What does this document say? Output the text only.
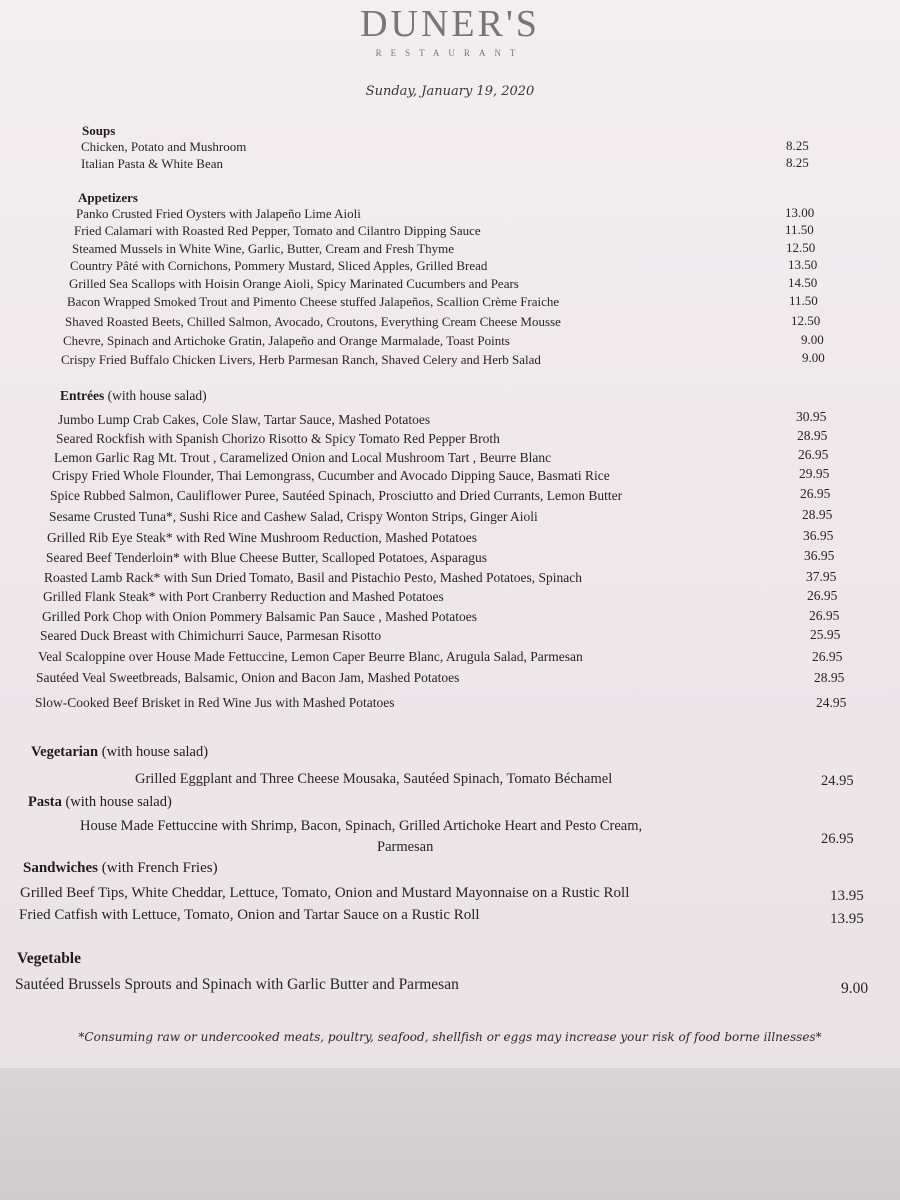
DUNER'S
RESTAURANT
Sunday, January 19, 2020
Soups
Chicken, Potato and Mushroom	8.25
Italian Pasta & White Bean	8.25
Appetizers
Panko Crusted Fried Oysters with Jalapeño Lime Aioli	13.00
Fried Calamari with Roasted Red Pepper, Tomato and Cilantro Dipping Sauce	11.50
Steamed Mussels in White Wine, Garlic, Butter, Cream and Fresh Thyme	12.50
Country Pâté with Cornichons, Pommery Mustard, Sliced Apples, Grilled Bread	13.50
Grilled Sea Scallops with Hoisin Orange Aioli, Spicy Marinated Cucumbers and Pears	14.50
Bacon Wrapped Smoked Trout and Pimento Cheese stuffed Jalapeños, Scallion Crème Fraiche	11.50
Shaved Roasted Beets, Chilled Salmon, Avocado, Croutons, Everything Cream Cheese Mousse	12.50
Chevre, Spinach and Artichoke Gratin, Jalapeño and Orange Marmalade, Toast Points	9.00
Crispy Fried Buffalo Chicken Livers, Herb Parmesan Ranch, Shaved Celery and Herb Salad	9.00
Entrées (with house salad)
Jumbo Lump Crab Cakes, Cole Slaw, Tartar Sauce, Mashed Potatoes	30.95
Seared Rockfish with Spanish Chorizo Risotto & Spicy Tomato Red Pepper Broth	28.95
Lemon Garlic Rag Mt. Trout , Caramelized Onion and Local Mushroom Tart , Beurre Blanc	26.95
Crispy Fried Whole Flounder, Thai Lemongrass, Cucumber and Avocado Dipping Sauce, Basmati Rice	29.95
Spice Rubbed Salmon, Cauliflower Puree, Sautéed Spinach, Prosciutto and Dried Currants, Lemon Butter	26.95
Sesame Crusted Tuna*, Sushi Rice and Cashew Salad, Crispy Wonton Strips, Ginger Aioli	28.95
Grilled Rib Eye Steak* with Red Wine Mushroom Reduction, Mashed Potatoes	36.95
Seared Beef Tenderloin* with Blue Cheese Butter, Scalloped Potatoes, Asparagus	36.95
Roasted Lamb Rack* with Sun Dried Tomato, Basil and Pistachio Pesto, Mashed Potatoes, Spinach	37.95
Grilled Flank Steak* with Port Cranberry Reduction and Mashed Potatoes	26.95
Grilled Pork Chop with Onion Pommery Balsamic Pan Sauce , Mashed Potatoes	26.95
Seared Duck Breast with Chimichurri Sauce, Parmesan Risotto	25.95
Veal Scaloppine over House Made Fettuccine, Lemon Caper Beurre Blanc, Arugula Salad, Parmesan	26.95
Sautéed Veal Sweetbreads, Balsamic, Onion and Bacon Jam, Mashed Potatoes	28.95
Slow-Cooked Beef Brisket in Red Wine Jus with Mashed Potatoes	24.95
Vegetarian (with house salad)
Grilled Eggplant and Three Cheese Mousaka, Sautéed Spinach, Tomato Béchamel	24.95
Pasta (with house salad)
House Made Fettuccine with Shrimp, Bacon, Spinach, Grilled Artichoke Heart and Pesto Cream,
Parmesan	26.95
Sandwiches (with French Fries)
Grilled Beef Tips, White Cheddar, Lettuce, Tomato, Onion and Mustard Mayonnaise on a Rustic Roll	13.95
Fried Catfish with Lettuce, Tomato, Onion and Tartar Sauce on a Rustic Roll	13.95
Vegetable
Sautéed Brussels Sprouts and Spinach with Garlic Butter and Parmesan	9.00
*Consuming raw or undercooked meats, poultry, seafood, shellfish or eggs may increase your risk of food borne illnesses*
